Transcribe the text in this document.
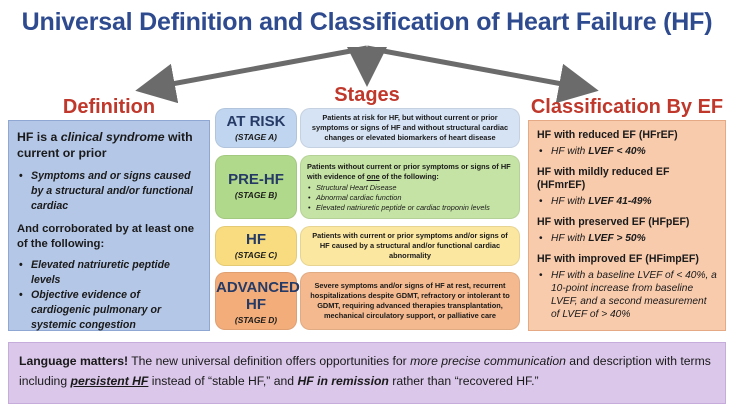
Universal Definition and Classification of Heart Failure (HF)
Definition
Stages
Classification By EF
HF is a clinical syndrome with current or prior
• Symptoms and or signs caused by a structural and/or functional cardiac
And corroborated by at least one of the following:
• Elevated natriuretic peptide levels
• Objective evidence of cardiogenic pulmonary or systemic congestion
AT RISK
(STAGE A)
Patients at risk for HF, but without current or prior symptoms or signs of HF and without structural cardiac changes or elevated biomarkers of heart disease
PRE-HF
(STAGE B)
Patients without current or prior symptoms or signs of HF with evidence of one of the following:
• Structural Heart Disease
• Abnormal cardiac function
• Elevated natriuretic peptide or cardiac troponin levels
HF
(STAGE C)
Patients with current or prior symptoms and/or signs of HF caused by a structural and/or functional cardiac abnormality
ADVANCED HF
(STAGE D)
Severe symptoms and/or signs of HF at rest, recurrent hospitalizations despite GDMT, refractory or intolerant to GDMT, requiring advanced therapies transplantation, mechanical circulatory support, or palliative care
HF with reduced EF (HFrEF)
• HF with LVEF < 40%
HF with mildly reduced EF (HFmrEF)
• HF with LVEF 41-49%
HF with preserved EF (HFpEF)
• HF with LVEF > 50%
HF with improved EF (HFimpEF)
• HF with a baseline LVEF of < 40%, a 10-point increase from baseline LVEF, and a second measurement of LVEF of > 40%
Language matters! The new universal definition offers opportunities for more precise communication and description with terms including persistent HF instead of “stable HF,” and HF in remission rather than “recovered HF.”
